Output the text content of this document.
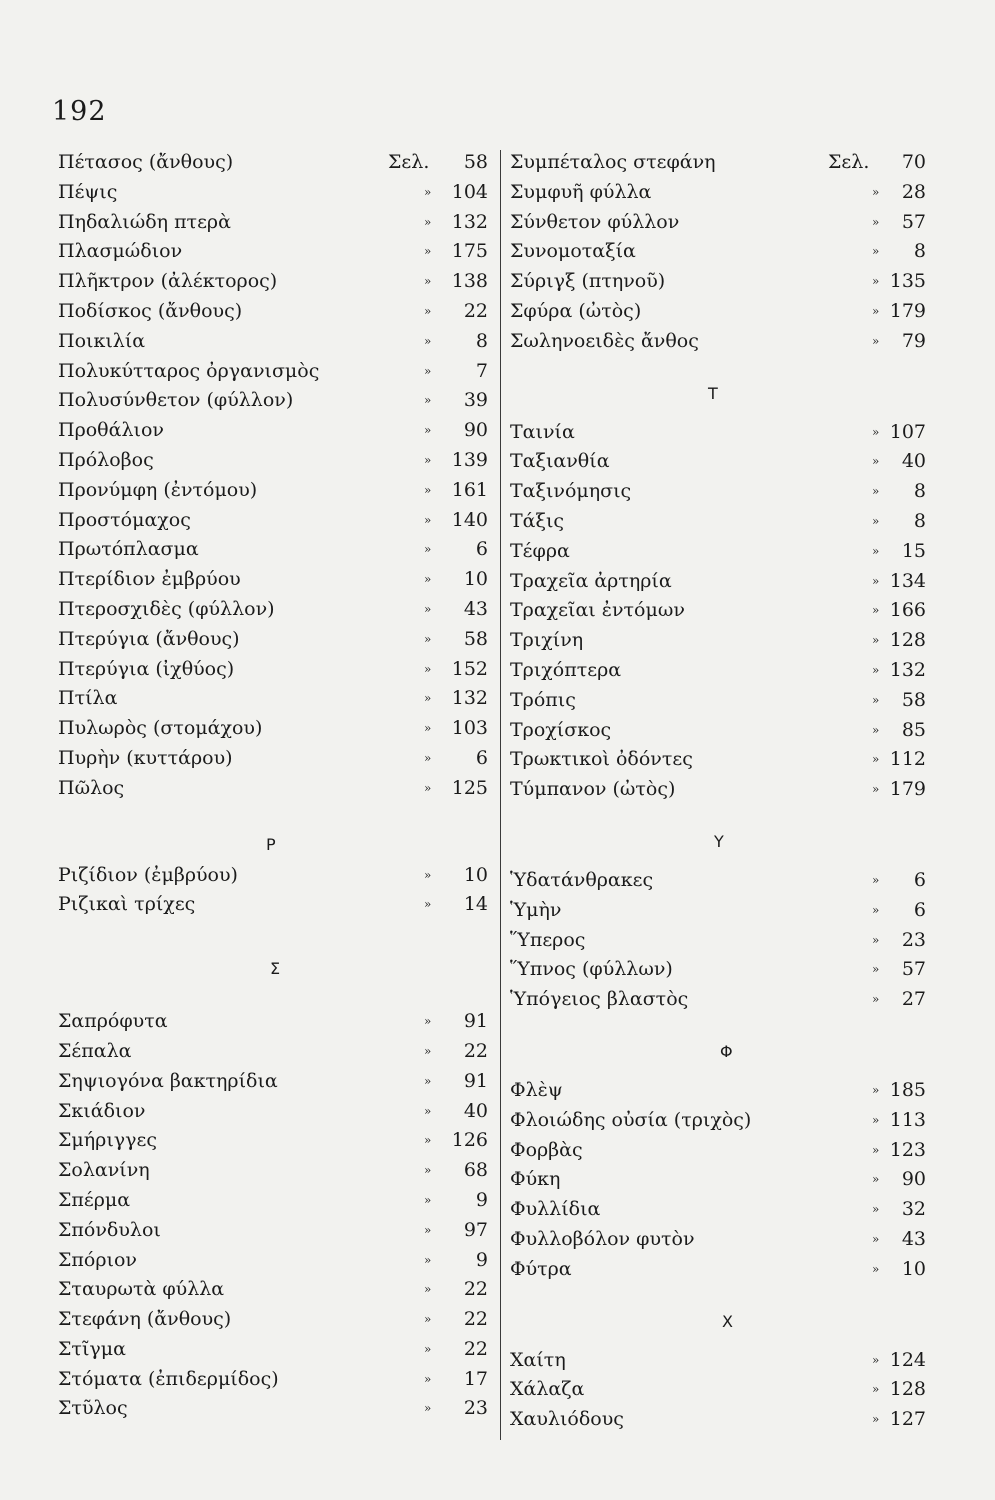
192
Πέτασος (ἄνθους)	Σελ.	58
Πέψις	»	104
Πηδαλιώδη πτερὰ	»	132
Πλασμώδιον	»	175
Πλῆκτρον (ἀλέκτορος)	»	138
Ποδίσκος (ἄνθους)	»	22
Ποικιλία	»	8
Πολυκύτταρος ὀργανισμὸς	»	7
Πολυσύνθετον (φύλλον)	»	39
Προθάλιον	»	90
Πρόλοβος	»	139
Προνύμφη (ἐντόμου)	»	161
Προστόμαχος	»	140
Πρωτόπλασμα	»	6
Πτερίδιον ἐμβρύου	»	10
Πτεροσχιδὲς (φύλλον)	»	43
Πτερύγια (ἄνθους)	»	58
Πτερύγια (ἰχθύος)	»	152
Πτίλα	»	132
Πυλωρὸς (στομάχου)	»	103
Πυρὴν (κυττάρου)	»	6
Πῶλος	»	125
Ρ
Ριζίδιον (ἐμβρύου)	»	10
Ριζικαὶ τρίχες	»	14
Σ
Σαπρόφυτα	»	91
Σέπαλα	»	22
Σηψιογόνα βακτηρίδια	»	91
Σκιάδιον	»	40
Σμήριγγες	»	126
Σολανίνη	»	68
Σπέρμα	»	9
Σπόνδυλοι	»	97
Σπόριον	»	9
Σταυρωτὰ φύλλα	»	22
Στεφάνη (ἄνθους)	»	22
Στῖγμα	»	22
Στόματα (ἐπιδερμίδος)	»	17
Στῦλος	»	23
Συμπέταλος στεφάνη	Σελ.	70
Συμφυῆ φύλλα	»	28
Σύνθετον φύλλον	»	57
Συνομοταξία	»	8
Σύριγξ (πτηνοῦ)	» 135
Σφύρα (ὠτὸς)	» 179
Σωληνοειδὲς ἄνθος	»	79
Τ
Ταινία	» 107
Ταξιανθία	»	40
Ταξινόμησις	»	8
Τάξις	»	8
Τέφρα	»	15
Τραχεῖα ἀρτηρία	» 134
Τραχεῖαι ἐντόμων	» 166
Τριχίνη	» 128
Τριχόπτερα	» 132
Τρόπις	»	58
Τροχίσκος	»	85
Τρωκτικοὶ ὀδόντες	» 112
Τύμπανον (ὠτὸς)	» 179
Υ
Ὑδατάνθρακες	»	6
Ὑμὴν	»	6
Ὕπερος	»	23
Ὕπνος (φύλλων)	»	57
Ὑπόγειος βλαστὸς	»	27
Φ
Φλὲψ	» 185
Φλοιώδης οὐσία (τριχὸς)	» 113
Φορβὰς	» 123
Φύκη	»	90
Φυλλίδια	»	32
Φυλλοβόλον φυτὸν	»	43
Φύτρα	»	10
Χ
Χαίτη	» 124
Χάλαζα	» 128
Χαυλιόδους	» 127
